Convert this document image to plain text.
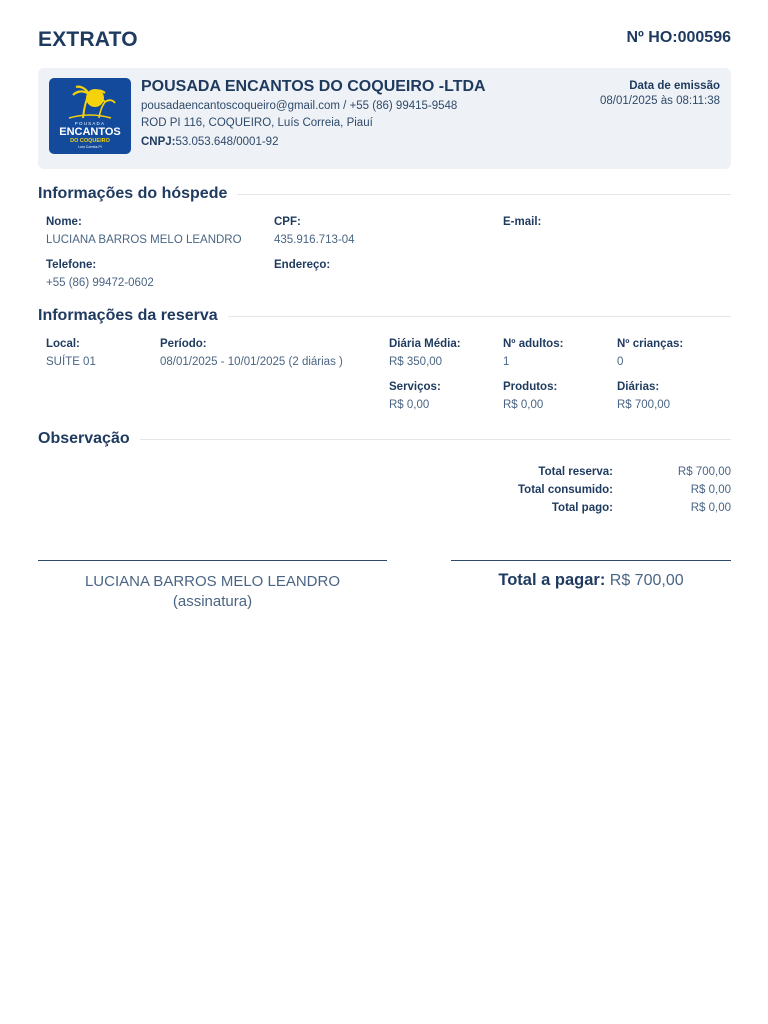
EXTRATO	Nº HO:000596
POUSADA
ENCANTOS
DO COQUEIRO
Luís Correia-PI
POUSADA ENCANTOS DO COQUEIRO -LTDA
pousadaencantoscoqueiro@gmail.com / +55 (86) 99415-9548
ROD PI 116, COQUEIRO, Luís Correia, Piauí
CNPJ:53.053.648/0001-92
Data de emissão
08/01/2025 às 08:11:38
Informações do hóspede
Nome:
LUCIANA BARROS MELO LEANDRO
CPF:
435.916.713-04
E-mail:
Telefone:
+55 (86) 99472-0602
Endereço:
Informações da reserva
Local:
SUÍTE 01
Período:
08/01/2025 - 10/01/2025 (2 diárias )
Diária Média:
R$ 350,00
Nº adultos:
1
Nº crianças:
0
Serviços:
R$ 0,00
Produtos:
R$ 0,00
Diárias:
R$ 700,00
Observação
Total reserva:	R$ 700,00
Total consumido:	R$ 0,00
Total pago:	R$ 0,00
LUCIANA BARROS MELO LEANDRO
(assinatura)
Total a pagar: R$ 700,00
